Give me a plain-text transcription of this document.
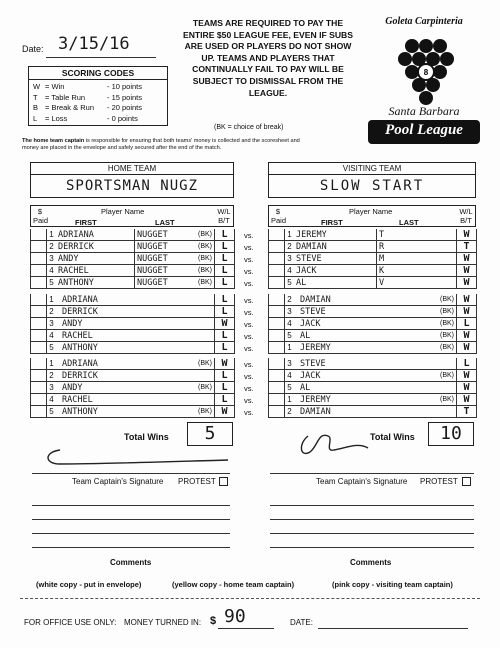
Date: 3/15/16
TEAMS ARE REQUIRED TO PAY THE ENTIRE $50 LEAGUE FEE, EVEN IF SUBS ARE USED OR PLAYERS DO NOT SHOW UP. TEAMS AND PLAYERS THAT CONTINUALLY FAIL TO PAY WILL BE SUBJECT TO DISMISSAL FROM THE LEAGUE.
8
Goleta Carpinteria
Santa Barbara
Pool League
SCORING CODES
W = Win	- 10 points
T = Table Run	- 15 points
B = Break & Run	- 20 points
L	= Loss	- 0 points
(BK = choice of break)
The home team captain is responsible for ensuring that both teams' money is collected and the scoresheet and money are placed in the envelope and safely secured after the end of the match.
HOME TEAM
SPORTSMAN NUGZ
VISITING TEAM
SLOW START
$ Paid
Player Name
FIRST	LAST
W/L B/T
$ Paid
Player Name
FIRST	LAST
W/L B/T
1 ADRIANA	NUGGET	(BK) L	1 JEREMY	T	W
vs.
2 DERRICK	NUGGET	(BK) L	2 DAMIAN	R	T
vs.
3 ANDY	NUGGET	(BK) L	3 STEVE	M	W
vs.
4 RACHEL	NUGGET	(BK) L	4 JACK	K	W
vs.
5 ANTHONY	NUGGET	(BK) L	5 AL	V	W
vs.
1 ADRIANA	L	2 DAMIAN	(BK) W
vs.
2 DERRICK	L	3 STEVE	(BK) W
vs.
3 ANDY	W	4 JACK	(BK) L
vs.
4 RACHEL	L	5 AL	(BK) W
vs.
5 ANTHONY	L	1 JEREMY	(BK) W
vs.
1 ADRIANA	(BK) W	3 STEVE	L
vs.
2 DERRICK	L	4 JACK	(BK) W
vs.
3 ANDY	(BK) L	5 AL	W
vs.
4 RACHEL	L	1 JEREMY	(BK) W
vs.
5 ANTHONY	(BK) W	2 DAMIAN	T
vs.
Total Wins	5	Total Wins	10
Team Captain's Signature PROTEST	Team Captain's Signature PROTEST
Comments	Comments
(white copy - put in envelope)	(yellow copy - home team captain)	(pink copy - visiting team captain)
FOR OFFICE USE ONLY: MONEY TURNED IN: $ 90	DATE:
